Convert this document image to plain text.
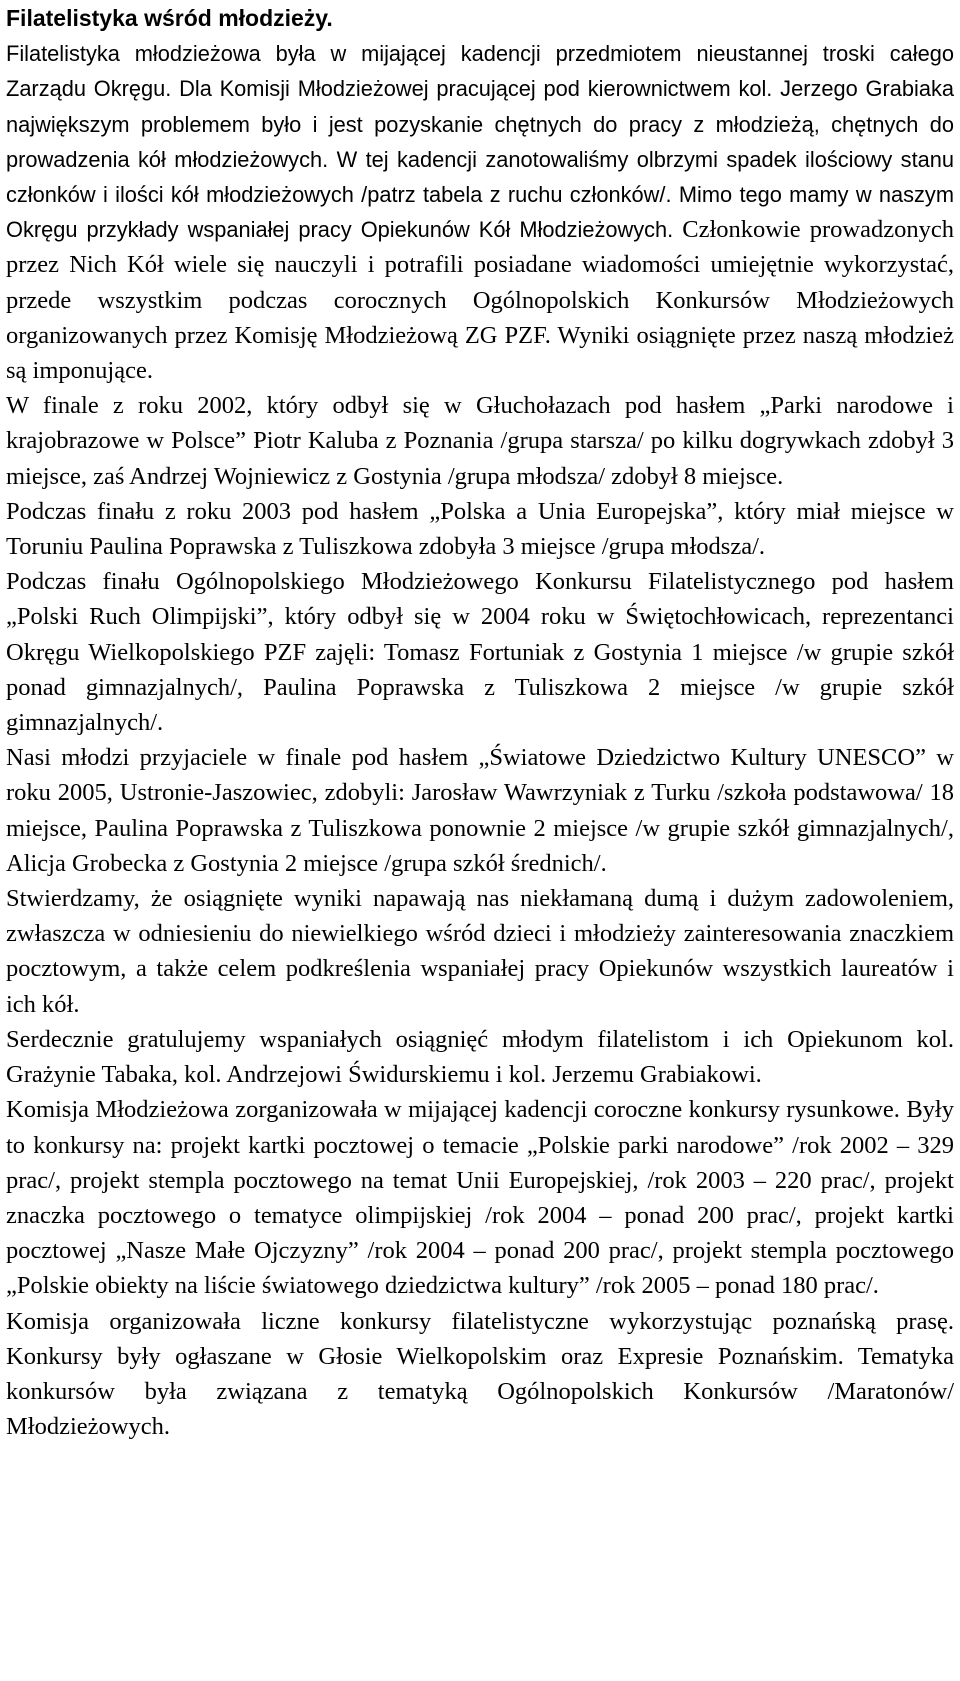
Filatelistyka wśród młodzieży.

Filatelistyka młodzieżowa była w mijającej kadencji przedmiotem nieustannej troski całego Zarządu Okręgu. Dla Komisji Młodzieżowej pracującej pod kierownictwem kol. Jerzego Grabiaka największym problemem było i jest pozyskanie chętnych do pracy z młodzieżą, chętnych do prowadzenia kół młodzieżowych. W tej kadencji zanotowaliśmy olbrzymi spadek ilościowy stanu członków i ilości kół młodzieżowych /patrz tabela z ruchu członków/. Mimo tego mamy w naszym Okręgu przykłady wspaniałej pracy Opiekunów Kół Młodzieżowych. Członkowie prowadzonych przez Nich Kół wiele się nauczyli i potrafili posiadane wiadomości umiejętnie wykorzystać, przede wszystkim podczas corocznych Ogólnopolskich Konkursów Młodzieżowych organizowanych przez Komisję Młodzieżową ZG PZF. Wyniki osiągnięte przez naszą młodzież są imponujące.

W finale z roku 2002, który odbył się w Głuchołazach pod hasłem „Parki narodowe i krajobrazowe w Polsce” Piotr Kaluba z Poznania /grupa starsza/ po kilku dogrywkach zdobył 3 miejsce, zaś Andrzej Wojniewicz z Gostynia /grupa młodsza/ zdobył 8 miejsce.

Podczas finału z roku 2003 pod hasłem „Polska a Unia Europejska”, który miał miejsce w Toruniu Paulina Poprawska z Tuliszkowa zdobyła 3 miejsce /grupa młodsza/.

Podczas finału Ogólnopolskiego Młodzieżowego Konkursu Filatelistycznego pod hasłem „Polski Ruch Olimpijski”, który odbył się w 2004 roku w Świętochłowicach, reprezentanci Okręgu Wielkopolskiego PZF zajęli: Tomasz Fortuniak z Gostynia 1 miejsce /w grupie szkół ponad gimnazjalnych/, Paulina Poprawska z Tuliszkowa 2 miejsce /w grupie szkół gimnazjalnych/.

Nasi młodzi przyjaciele w finale pod hasłem „Światowe Dziedzictwo Kultury UNESCO” w roku 2005, Ustronie-Jaszowiec, zdobyli: Jarosław Wawrzyniak z Turku /szkoła podstawowa/ 18 miejsce, Paulina Poprawska z Tuliszkowa ponownie 2 miejsce /w grupie szkół gimnazjalnych/, Alicja Grobecka z Gostynia 2 miejsce /grupa szkół średnich/.

Stwierdzamy, że osiągnięte wyniki napawają nas niekłamaną dumą i dużym zadowoleniem, zwłaszcza w odniesieniu do niewielkiego wśród dzieci i młodzieży zainteresowania znaczkiem pocztowym, a także celem podkreślenia wspaniałej pracy Opiekunów wszystkich laureatów i ich kół.

Serdecznie gratulujemy wspaniałych osiągnięć młodym filatelistom i ich Opiekunom kol. Grażynie Tabaka, kol. Andrzejowi Świdurskiemu i kol. Jerzemu Grabiakowi.

Komisja Młodzieżowa zorganizowała w mijającej kadencji coroczne konkursy rysunkowe. Były to konkursy na: projekt kartki pocztowej o temacie „Polskie parki narodowe” /rok 2002 – 329 prac/, projekt stempla pocztowego na temat Unii Europejskiej, /rok 2003 – 220 prac/, projekt znaczka pocztowego o tematyce olimpijskiej /rok 2004 – ponad 200 prac/, projekt kartki pocztowej „Nasze Małe Ojczyzny” /rok 2004 – ponad 200 prac/, projekt stempla pocztowego „Polskie obiekty na liście światowego dziedzictwa kultury” /rok 2005 – ponad 180 prac/.

Komisja organizowała liczne konkursy filatelistyczne wykorzystując poznańską prasę. Konkursy były ogłaszane w Głosie Wielkopolskim oraz Expresie Poznańskim. Tematyka konkursów była związana z tematyką Ogólnopolskich Konkursów /Maratonów/ Młodzieżowych.
